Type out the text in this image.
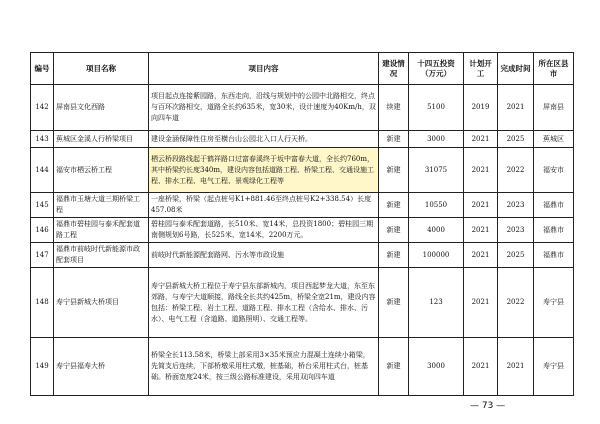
编号	项目名称	项目内容	建设情况	十四五投资（万元）	计划开工	完成时间	所在区县市
142	屏南县文化西路	项目起点连接紫园路，东西走向，沿线与规划中的公园中北路相交，终点与百环次路相交，道路全长约635米，宽30米，设计速度为40Km/h，双向四车道	续建	5100	2019	2021	屏南县
143	蕉城区金溪人行桥梁项目	建设金涵保障性住房至横台山公园北入口人行天桥。	新建	3000	2021	2025	蕉城区
144	福安市栖云桥工程	栖云桥段路线起于鹤祥路口过富春溪终于坂中富春大道，全长约760m，其中桥梁约长度340m，建设内容包括道路工程、桥梁工程、交通设施工程、排水工程、电气工程、景观绿化工程等	新建	31075	2021	2022	福安市
145	福鼎市玉塘大道三期桥梁工程	一座桥梁，桥梁（起点桩号K1+881.46至终点桩号K2+338.54）长度457.08米	新建	10550	2021	2023	福鼎市
146	福鼎市碧桂园与泰禾配套道路工程	碧桂园与泰禾配套道路，长510米、宽14米，总投资1800；碧桂园三期南侧规划6号路，长525米、宽14米，2200万元。	新建	4000	2021	2023	福鼎市
147	福鼎市前岐时代新能源市政配套项目	前岐时代新能源配套路网、污水等市政设施	新建	100000	2021	2025	福鼎市
148	寿宁县新城大桥项目	寿宁县新城大桥工程位于寿宁县东部新城内，项目西起梦龙大道，东至东郊路，与寿宁大道顺接，路线全长共约425m，桥梁全宽21m，建设内容包括：桥梁工程、岩土工程、道路工程、排水工程（含给水、排水、污水）、电气工程（含道路、道路照明）、交通工程等。	新建	123	2021	2022	寿宁县
149	寿宁县福寿大桥	桥梁全长113.58米，桥梁上部采用3×35米预应力混凝土连续小箱梁，先简支后连续，下部桥墩采用柱式墩，桩基础，桥台采用柱式台，桩基础。桥面宽度24米，按三级公路标准建设，采用双向四车道	新建	3000	2021	2021	寿宁县
— 73 —
